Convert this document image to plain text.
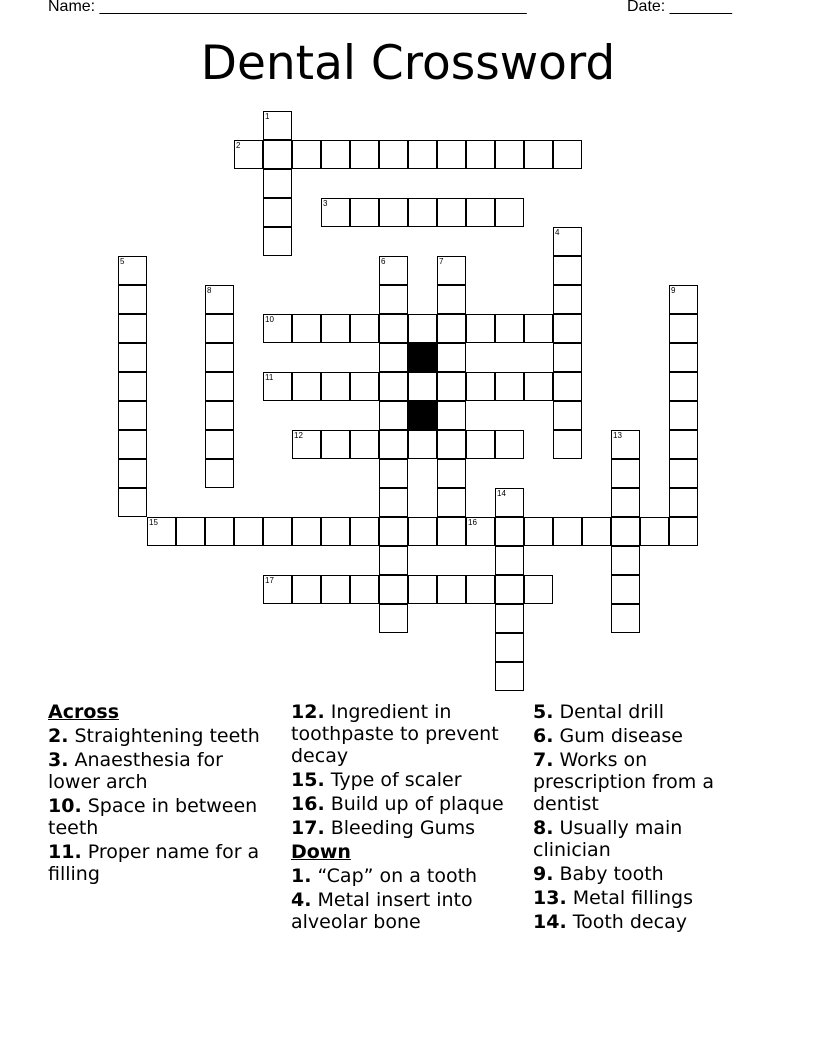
Name: ________________________________________________	Date: _______
Dental Crossword
2
3
10
11
12
15	16
17
1
4
5	6	7
8	9
13
14
Across
2. Straightening teeth
3. Anaesthesia for lower arch
10. Space in between teeth
11. Proper name for a filling
12. Ingredient in toothpaste to prevent decay
15. Type of scaler
16. Build up of plaque
17. Bleeding Gums
Down
1. “Cap” on a tooth
4. Metal insert into alveolar bone
5. Dental drill
6. Gum disease
7. Works on prescription from a dentist
8. Usually main clinician
9. Baby tooth
13. Metal fillings
14. Tooth decay
